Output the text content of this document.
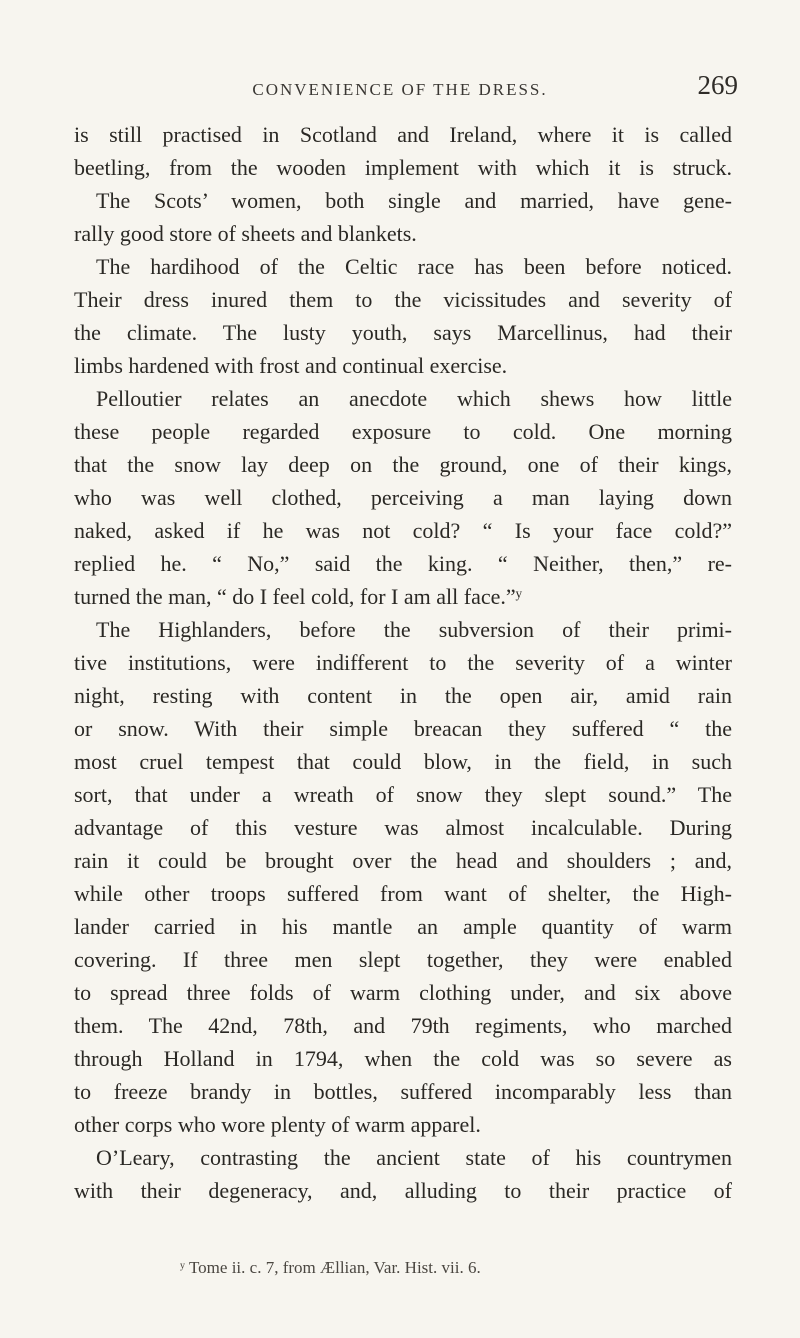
CONVENIENCE OF THE DRESS.	269
is still practised in Scotland and Ireland, where it is called
beetling, from the wooden implement with which it is struck.
The Scots’ women, both single and married, have gene-
rally good store of sheets and blankets.
The hardihood of the Celtic race has been before noticed.
Their dress inured them to the vicissitudes and severity of
the climate. The lusty youth, says Marcellinus, had their
limbs hardened with frost and continual exercise.
Pelloutier relates an anecdote which shews how little
these people regarded exposure to cold. One morning
that the snow lay deep on the ground, one of their kings,
who was well clothed, perceiving a man laying down
naked, asked if he was not cold? “ Is your face cold?”
replied he. “ No,” said the king. “ Neither, then,” re-
turned the man, “ do I feel cold, for I am all face.”ʸ
The Highlanders, before the subversion of their primi-
tive institutions, were indifferent to the severity of a winter
night, resting with content in the open air, amid rain
or snow. With their simple breacan they suffered “ the
most cruel tempest that could blow, in the field, in such
sort, that under a wreath of snow they slept sound.” The
advantage of this vesture was almost incalculable. During
rain it could be brought over the head and shoulders ; and,
while other troops suffered from want of shelter, the High-
lander carried in his mantle an ample quantity of warm
covering. If three men slept together, they were enabled
to spread three folds of warm clothing under, and six above
them. The 42nd, 78th, and 79th regiments, who marched
through Holland in 1794, when the cold was so severe as
to freeze brandy in bottles, suffered incomparably less than
other corps who wore plenty of warm apparel.
O’Leary, contrasting the ancient state of his countrymen
with their degeneracy, and, alluding to their practice of
ʸ Tome ii. c. 7, from Ællian, Var. Hist. vii. 6.
